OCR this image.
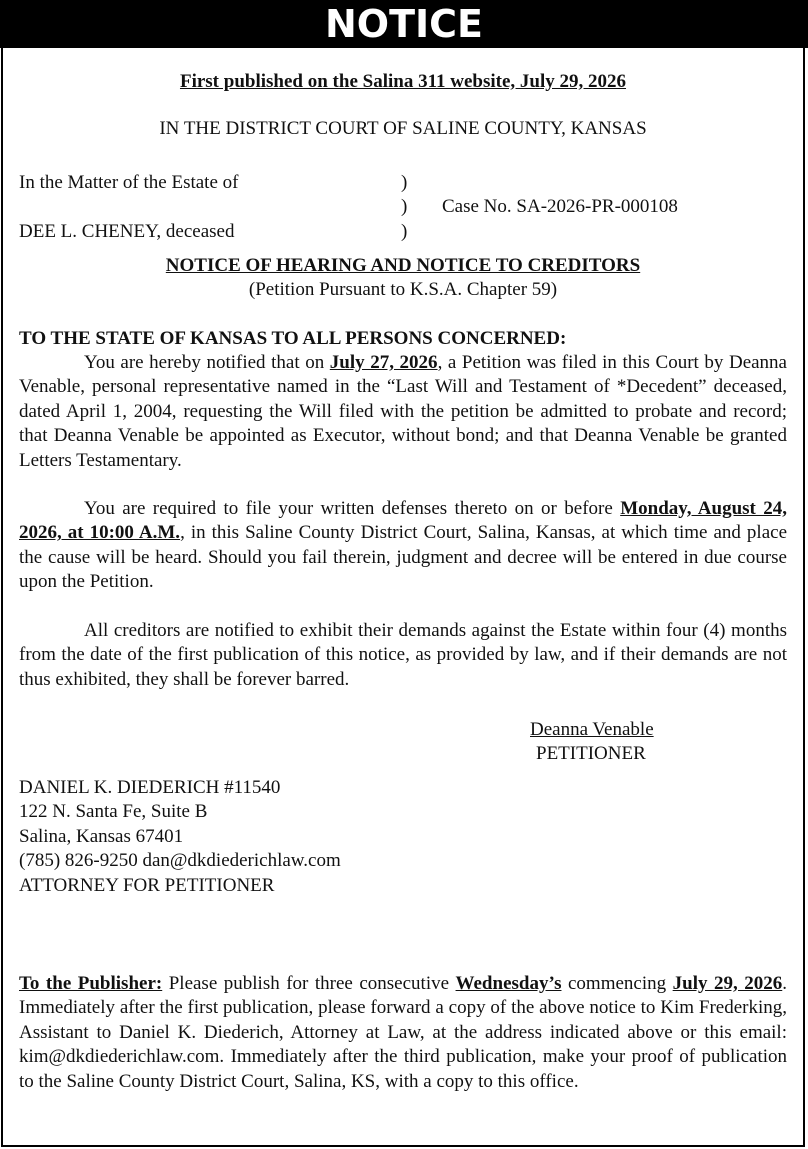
NOTICE

First published on the Salina 311 website, July 29, 2026

IN THE DISTRICT COURT OF SALINE COUNTY, KANSAS

In the Matter of the Estate of
DEE L. CHENEY, deceased
)
)
)
Case No. SA-2026-PR-000108

NOTICE OF HEARING AND NOTICE TO CREDITORS

(Petition Pursuant to K.S.A. Chapter 59)

TO THE STATE OF KANSAS TO ALL PERSONS CONCERNED:

You are hereby notified that on July 27, 2026, a Petition was filed in this Court by Deanna Venable, personal representative named in the “Last Will and Testament of *Decedent” deceased, dated April 1, 2004, requesting the Will filed with the petition be admitted to probate and record; that Deanna Venable be appointed as Executor, without bond; and that Deanna Venable be granted Letters Testamentary.

You are required to file your written defenses thereto on or before Monday, August 24, 2026, at 10:00 A.M., in this Saline County District Court, Salina, Kansas, at which time and place the cause will be heard. Should you fail therein, judgment and decree will be entered in due course upon the Petition.

All creditors are notified to exhibit their demands against the Estate within four (4) months from the date of the first publication of this notice, as provided by law, and if their demands are not thus exhibited, they shall be forever barred.

Deanna Venable
PETITIONER

DANIEL K. DIEDERICH #11540

122 N. Santa Fe, Suite B

Salina, Kansas 67401

(785) 826-9250 dan@dkdiederichlaw.com

ATTORNEY FOR PETITIONER

To the Publisher: Please publish for three consecutive Wednesday’s commencing July 29, 2026. Immediately after the first publication, please forward a copy of the above notice to Kim Frederking, Assistant to Daniel K. Diederich, Attorney at Law, at the address indicated above or this email: kim@dkdiederichlaw.com. Immediately after the third publication, make your proof of publication to the Saline County District Court, Salina, KS, with a copy to this office.
